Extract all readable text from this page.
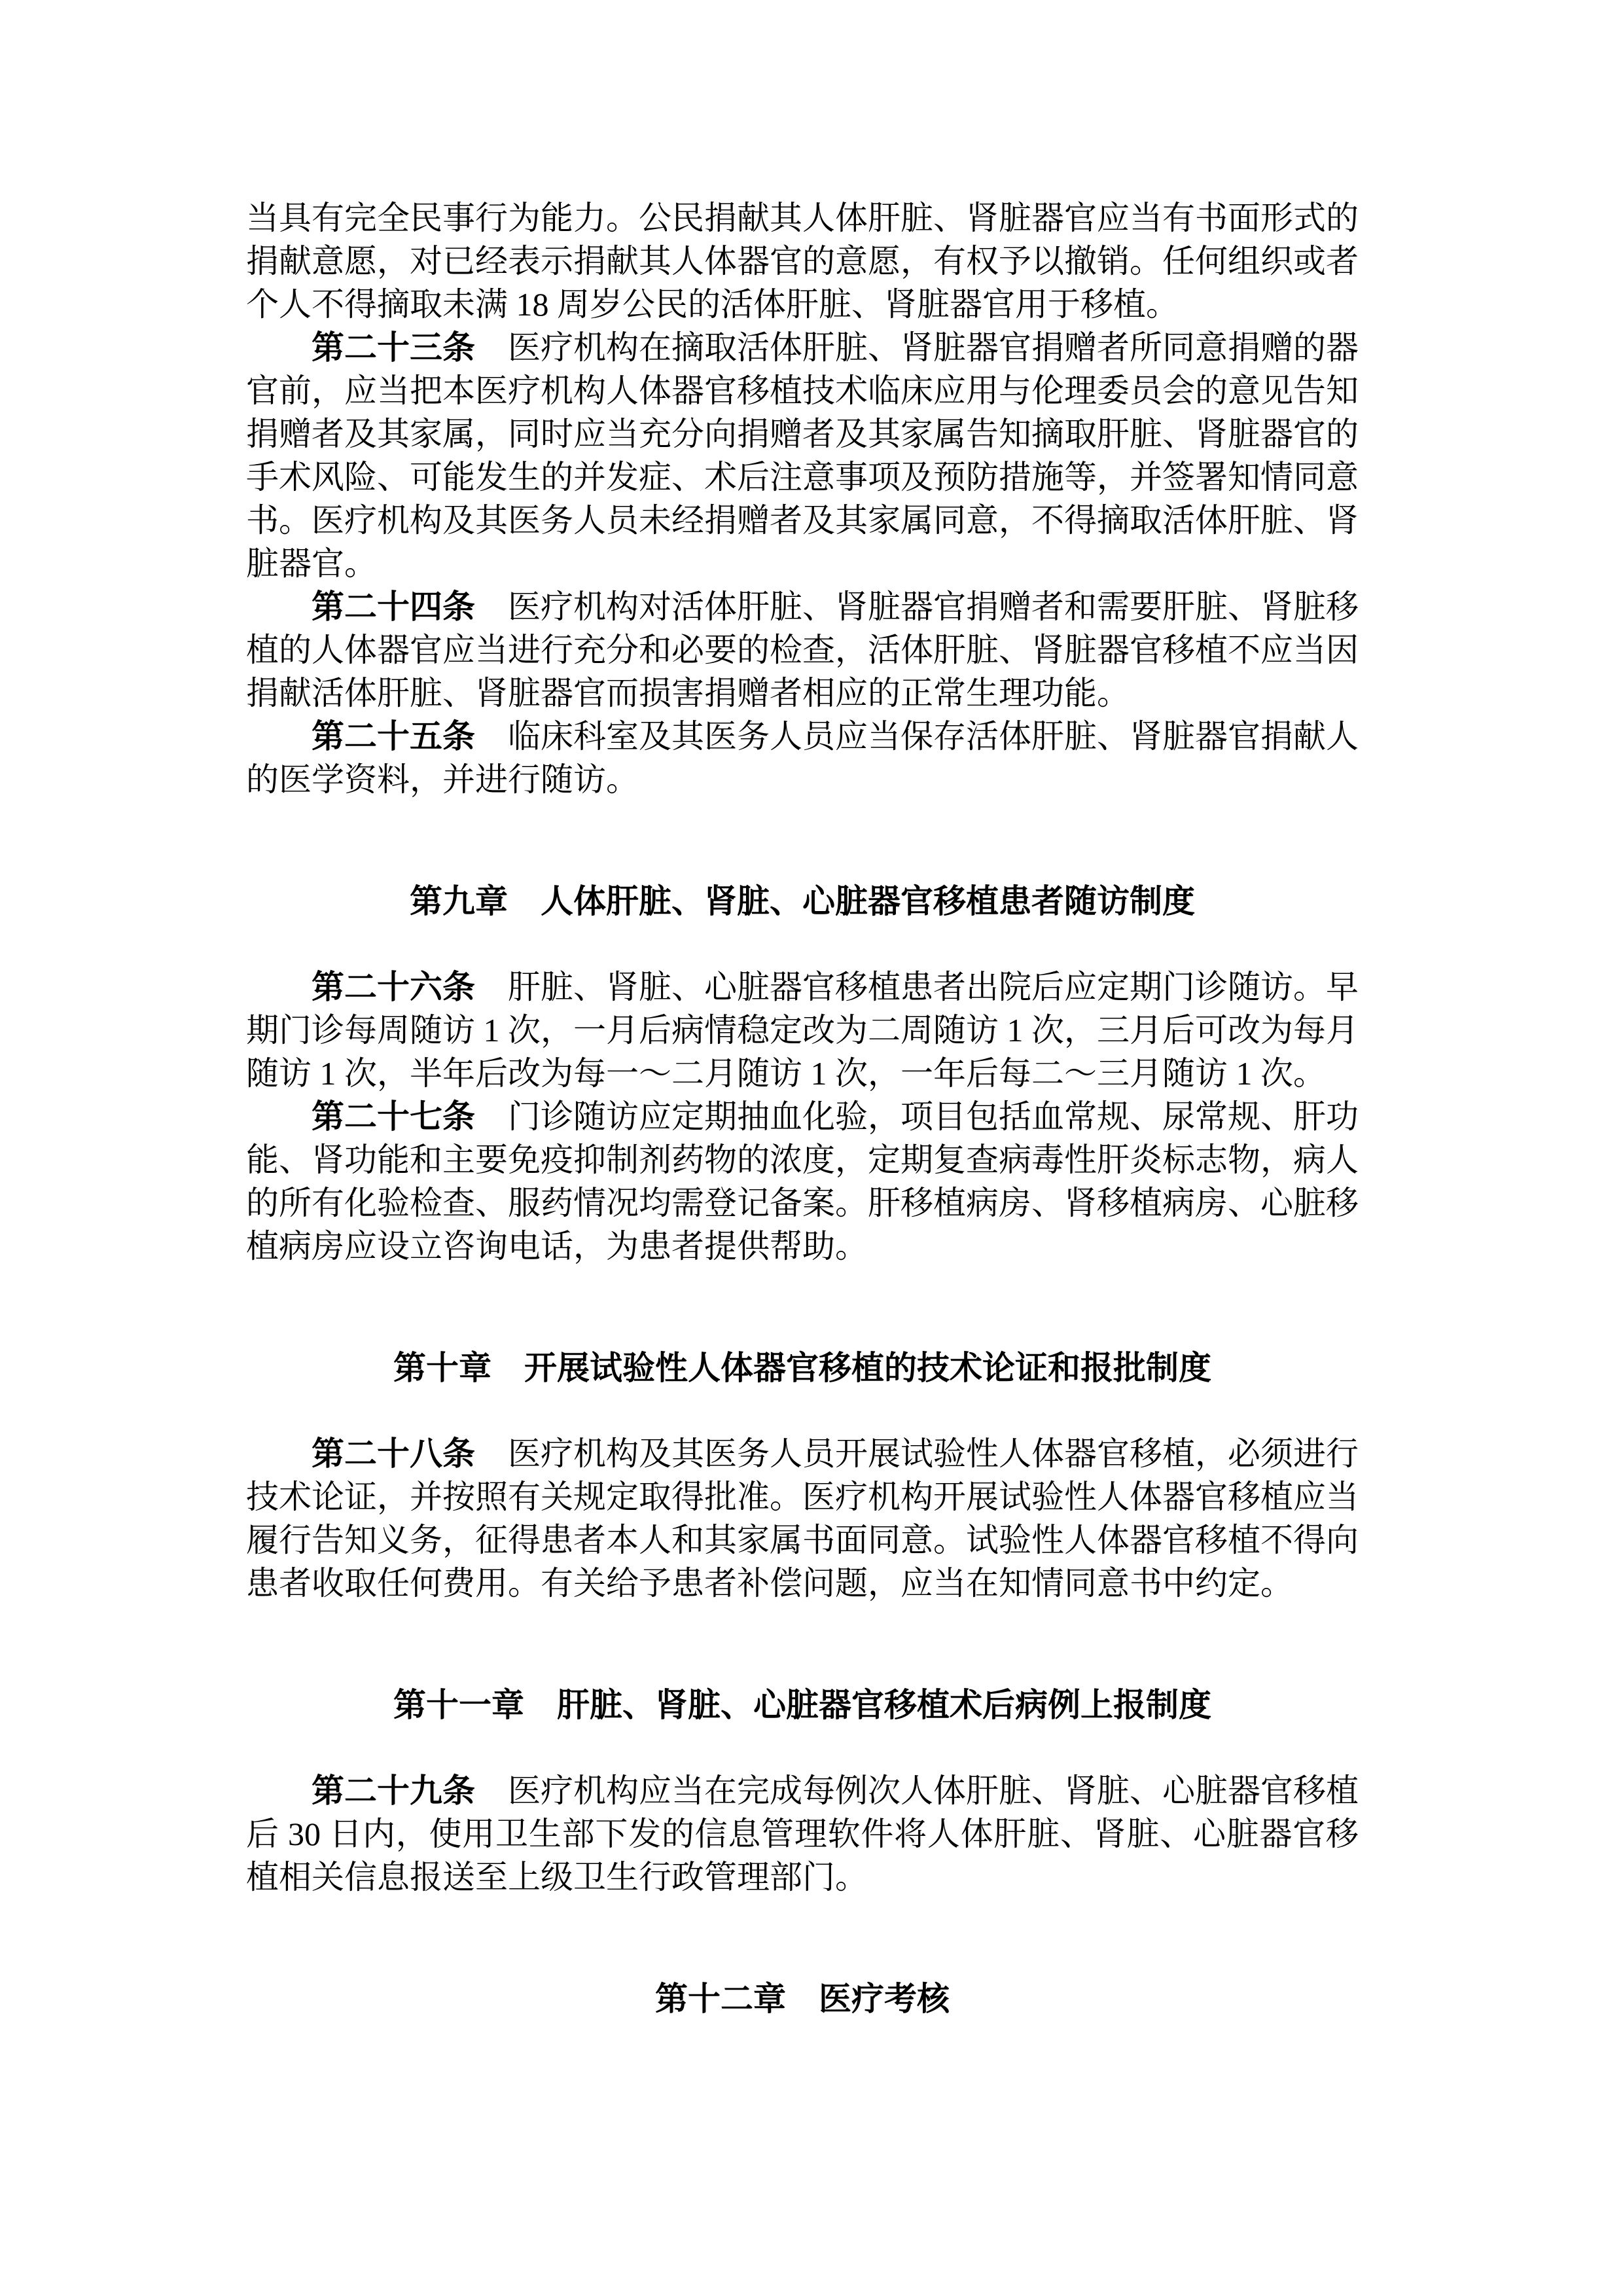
当具有完全民事行为能力。公民捐献其人体肝脏、肾脏器官应当有书面形式的捐献意愿，对已经表示捐献其人体器官的意愿，有权予以撤销。任何组织或者个人不得摘取未满 18 周岁公民的活体肝脏、肾脏器官用于移植。

第二十三条　医疗机构在摘取活体肝脏、肾脏器官捐赠者所同意捐赠的器官前，应当把本医疗机构人体器官移植技术临床应用与伦理委员会的意见告知捐赠者及其家属，同时应当充分向捐赠者及其家属告知摘取肝脏、肾脏器官的手术风险、可能发生的并发症、术后注意事项及预防措施等，并签署知情同意书。医疗机构及其医务人员未经捐赠者及其家属同意，不得摘取活体肝脏、肾脏器官。

第二十四条　医疗机构对活体肝脏、肾脏器官捐赠者和需要肝脏、肾脏移植的人体器官应当进行充分和必要的检查，活体肝脏、肾脏器官移植不应当因捐献活体肝脏、肾脏器官而损害捐赠者相应的正常生理功能。

第二十五条　临床科室及其医务人员应当保存活体肝脏、肾脏器官捐献人的医学资料，并进行随访。

第九章　人体肝脏、肾脏、心脏器官移植患者随访制度

第二十六条　肝脏、肾脏、心脏器官移植患者出院后应定期门诊随访。早期门诊每周随访 1 次，一月后病情稳定改为二周随访 1 次，三月后可改为每月随访 1 次，半年后改为每一～二月随访 1 次，一年后每二～三月随访 1 次。

第二十七条　门诊随访应定期抽血化验，项目包括血常规、尿常规、肝功能、肾功能和主要免疫抑制剂药物的浓度，定期复查病毒性肝炎标志物，病人的所有化验检查、服药情况均需登记备案。肝移植病房、肾移植病房、心脏移植病房应设立咨询电话，为患者提供帮助。

第十章　开展试验性人体器官移植的技术论证和报批制度

第二十八条　医疗机构及其医务人员开展试验性人体器官移植，必须进行技术论证，并按照有关规定取得批准。医疗机构开展试验性人体器官移植应当履行告知义务，征得患者本人和其家属书面同意。试验性人体器官移植不得向患者收取任何费用。有关给予患者补偿问题，应当在知情同意书中约定。

第十一章　肝脏、肾脏、心脏器官移植术后病例上报制度

第二十九条　医疗机构应当在完成每例次人体肝脏、肾脏、心脏器官移植后 30 日内，使用卫生部下发的信息管理软件将人体肝脏、肾脏、心脏器官移植相关信息报送至上级卫生行政管理部门。

第十二章　医疗考核
